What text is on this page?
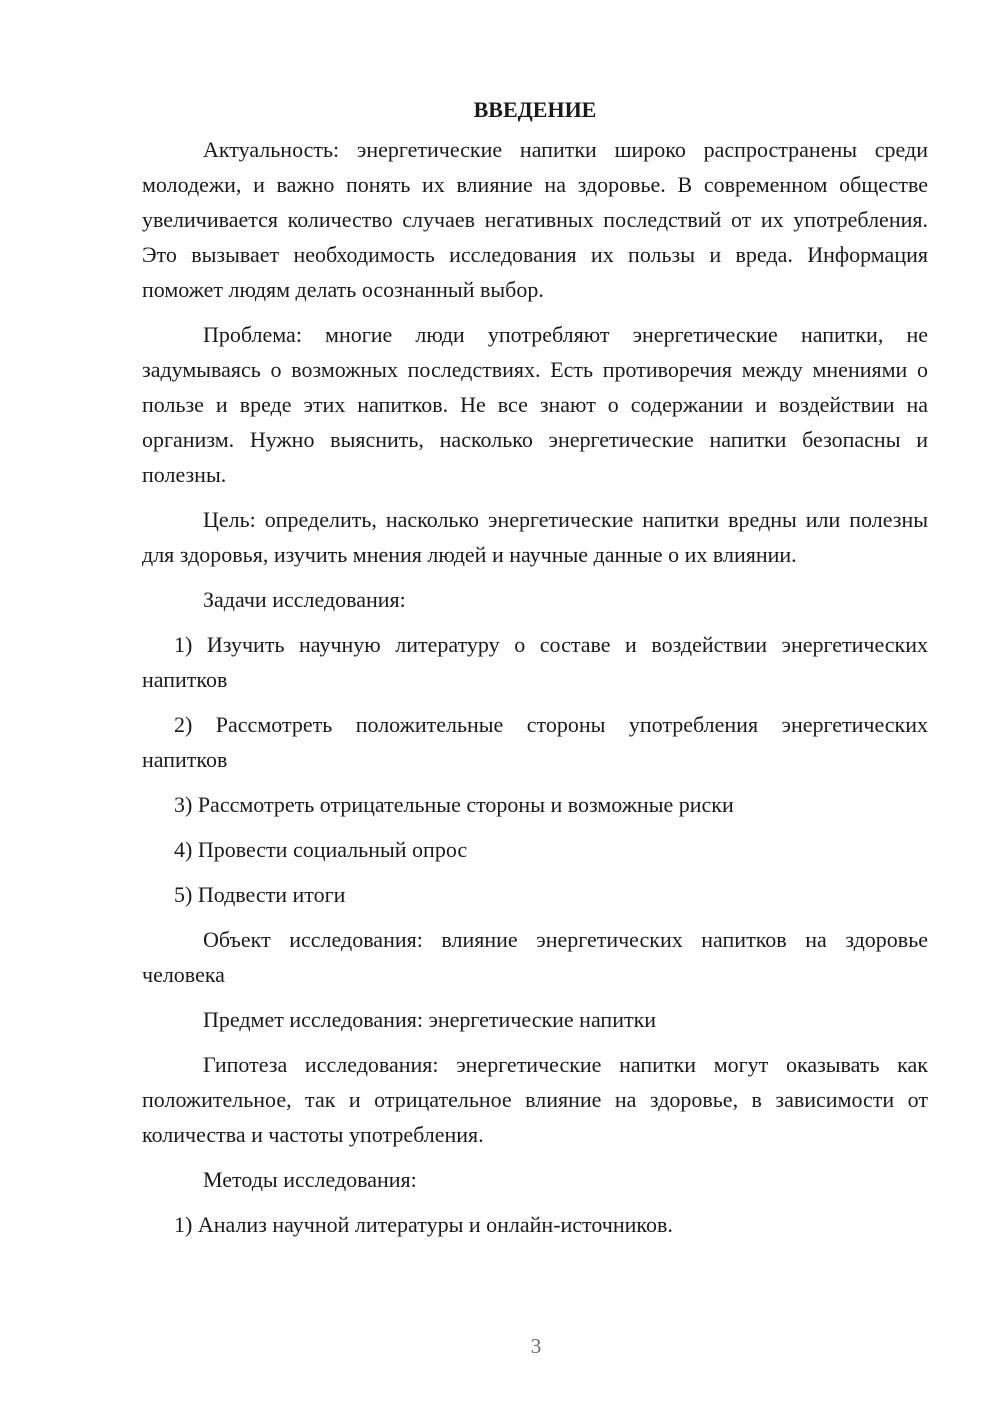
ВВЕДЕНИЕ

Актуальность: энергетические напитки широко распространены среди молодежи, и важно понять их влияние на здоровье. В современном обществе увеличивается количество случаев негативных последствий от их употребления. Это вызывает необходимость исследования их пользы и вреда. Информация поможет людям делать осознанный выбор.

Проблема: многие люди употребляют энергетические напитки, не задумываясь о возможных последствиях. Есть противоречия между мнениями о пользе и вреде этих напитков. Не все знают о содержании и воздействии на организм. Нужно выяснить, насколько энергетические напитки безопасны и полезны.

Цель: определить, насколько энергетические напитки вредны или полезны для здоровья, изучить мнения людей и научные данные о их влиянии.

Задачи исследования:

1) Изучить научную литературу о составе и воздействии энергетических напитков

2) Рассмотреть положительные стороны употребления энергетических напитков

3) Рассмотреть отрицательные стороны и возможные риски

4) Провести социальный опрос

5) Подвести итоги

Объект исследования: влияние энергетических напитков на здоровье человека

Предмет исследования: энергетические напитки

Гипотеза исследования: энергетические напитки могут оказывать как положительное, так и отрицательное влияние на здоровье, в зависимости от количества и частоты употребления.

Методы исследования:

1) Анализ научной литературы и онлайн-источников.

3
